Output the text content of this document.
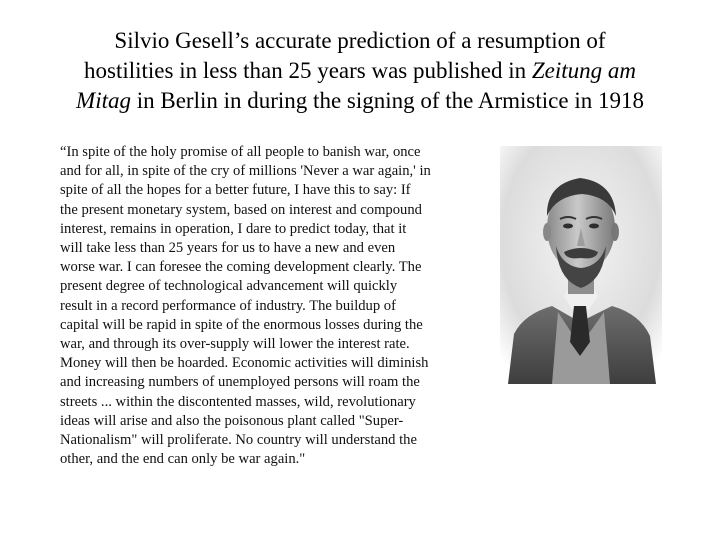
Silvio Gesell’s accurate prediction of a resumption of
hostilities in less than 25 years was published in Zeitung am
Mitag in Berlin in during the signing of the Armistice in 1918
“In spite of the holy promise of all people to banish war, once
and for all, in spite of the cry of millions 'Never a war again,' in
spite of all the hopes for a better future, I have this to say: If
the present monetary system, based on interest and compound
interest, remains in operation, I dare to predict today, that it
will take less than 25 years for us to have a new and even
worse war. I can foresee the coming development clearly. The
present degree of technological advancement will quickly
result in a record performance of industry. The buildup of
capital will be rapid in spite of the enormous losses during the
war, and through its over-supply will lower the interest rate.
Money will then be hoarded. Economic activities will diminish
and increasing numbers of unemployed persons will roam the
streets ... within the discontented masses, wild, revolutionary
ideas will arise and also the poisonous plant called "Super-
Nationalism" will proliferate. No country will understand the
other, and the end can only be war again."
